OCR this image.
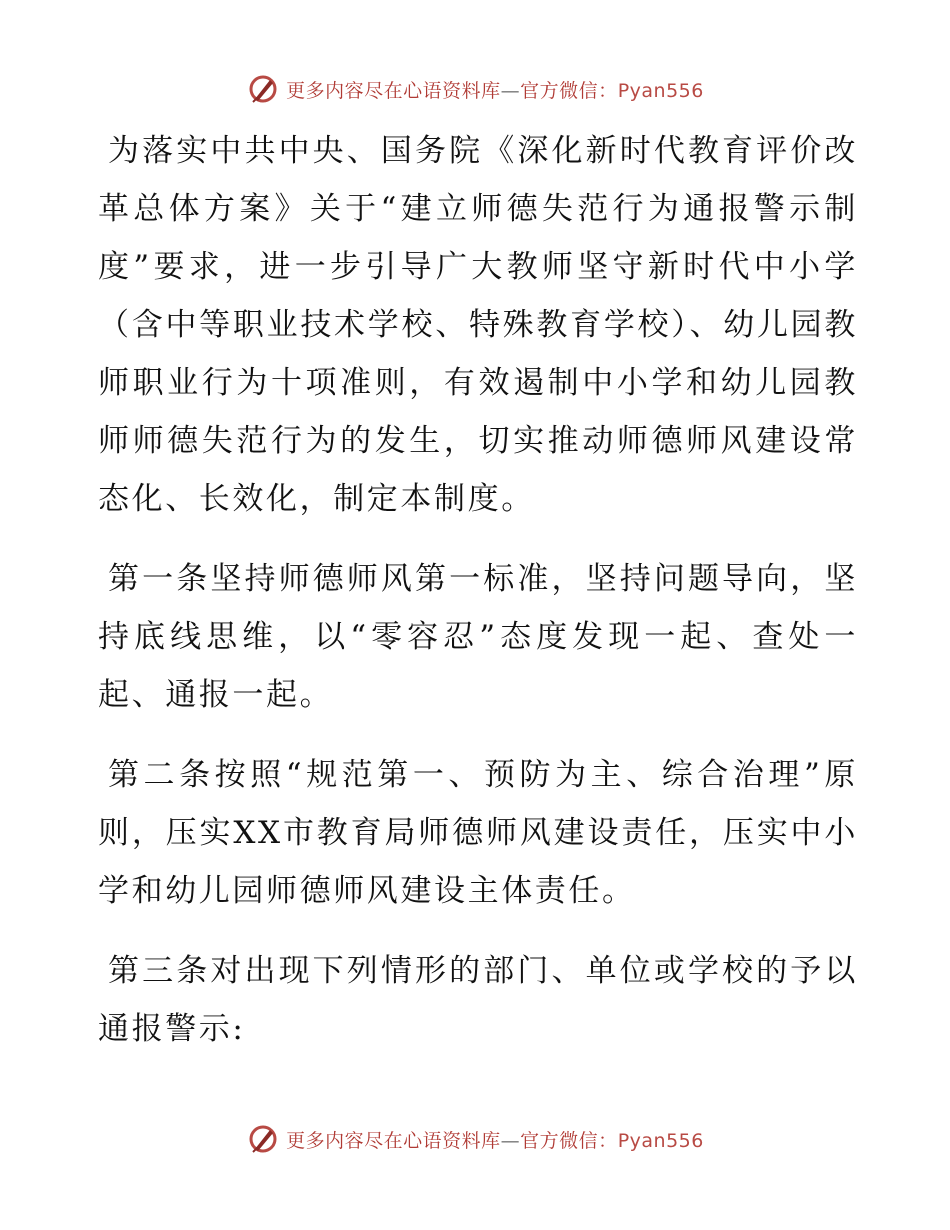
更多内容尽在心语资料库—官方微信：Pyan556

为落实中共中央、国务院《深化新时代教育评价改革总体方案》关于“建立师德失范行为通报警示制度”要求，进一步引导广大教师坚守新时代中小学（含中等职业技术学校、特殊教育学校）、幼儿园教师职业行为十项准则，有效遏制中小学和幼儿园教师师德失范行为的发生，切实推动师德师风建设常态化、长效化，制定本制度。

第一条坚持师德师风第一标准，坚持问题导向，坚持底线思维，以“零容忍”态度发现一起、查处一起、通报一起。

第二条按照“规范第一、预防为主、综合治理”原则，压实XX市教育局师德师风建设责任，压实中小学和幼儿园师德师风建设主体责任。

第三条对出现下列情形的部门、单位或学校的予以通报警示:

更多内容尽在心语资料库—官方微信：Pyan556
